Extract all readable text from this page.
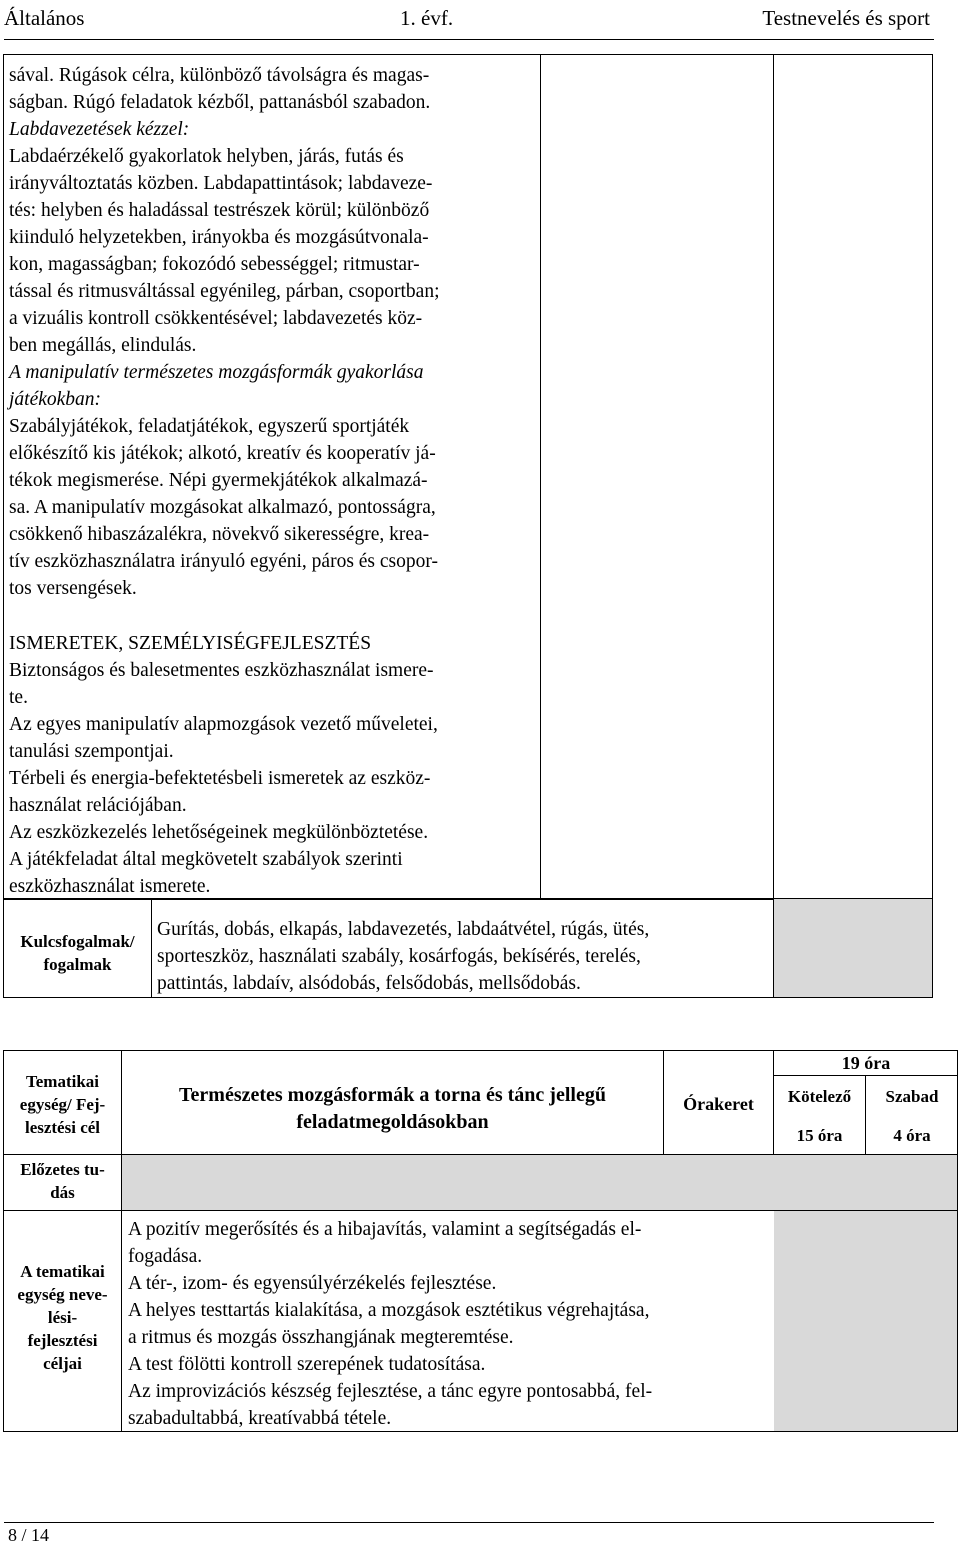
Általános	1. évf.	Testnevelés és sport

sával. Rúgások célra, különböző távolságra és magas-

ságban. Rúgó feladatok kézből, pattanásból szabadon.

Labdavezetések kézzel:

Labdaérzékelő gyakorlatok helyben, járás, futás és

irányváltoztatás közben. Labdapattintások; labdaveze-

tés: helyben és haladással testrészek körül; különböző

kiinduló helyzetekben, irányokba és mozgásútvonala-

kon, magasságban; fokozódó sebességgel; ritmustar-

tással és ritmusváltással egyénileg, párban, csoportban;

a vizuális kontroll csökkentésével; labdavezetés köz-

ben megállás, elindulás.

A manipulatív természetes mozgásformák gyakorlása

játékokban:

Szabályjátékok, feladatjátékok, egyszerű sportjáték

előkészítő kis játékok; alkotó, kreatív és kooperatív já-

tékok megismerése. Népi gyermekjátékok alkalmazá-

sa. A manipulatív mozgásokat alkalmazó, pontosságra,

csökkenő hibaszázalékra, növekvő sikerességre, krea-

tív eszközhasználatra irányuló egyéni, páros és csopor-

tos versengések.

ISMERETEK, SZEMÉLYISÉGFEJLESZTÉS

Biztonságos és balesetmentes eszközhasználat ismere-

te.

Az egyes manipulatív alapmozgások vezető műveletei,

tanulási szempontjai.

Térbeli és energia-befektetésbeli ismeretek az eszköz-

használat relációjában.

Az eszközkezelés lehetőségeinek megkülönböztetése.

A játékfeladat által megkövetelt szabályok szerinti

eszközhasználat ismerete.

Kulcsfogalmak/
fogalmak

Gurítás, dobás, elkapás, labdavezetés, labdaátvétel, rúgás, ütés,

sporteszköz, használati szabály, kosárfogás, bekísérés, terelés,

pattintás, labdaív, alsódobás, felsődobás, mellsődobás.

Tematikai
egység/ Fej-
lesztési cél
Természetes mozgásformák a torna és tánc jellegű
feladatmegoldásokban
Órakeret
19 óra
Kötelező
15 óra
Szabad
4 óra
Előzetes tu-
dás
A tematikai
egység neve-
lési-
fejlesztési
céljai

A pozitív megerősítés és a hibajavítás, valamint a segítségadás el-

fogadása.

A tér-, izom- és egyensúlyérzékelés fejlesztése.

A helyes testtartás kialakítása, a mozgások esztétikus végrehajtása,

a ritmus és mozgás összhangjának megteremtése.

A test fölötti kontroll szerepének tudatosítása.

Az improvizációs készség fejlesztése, a tánc egyre pontosabbá, fel-

szabadultabbá, kreatívabbá tétele.

8 / 14
